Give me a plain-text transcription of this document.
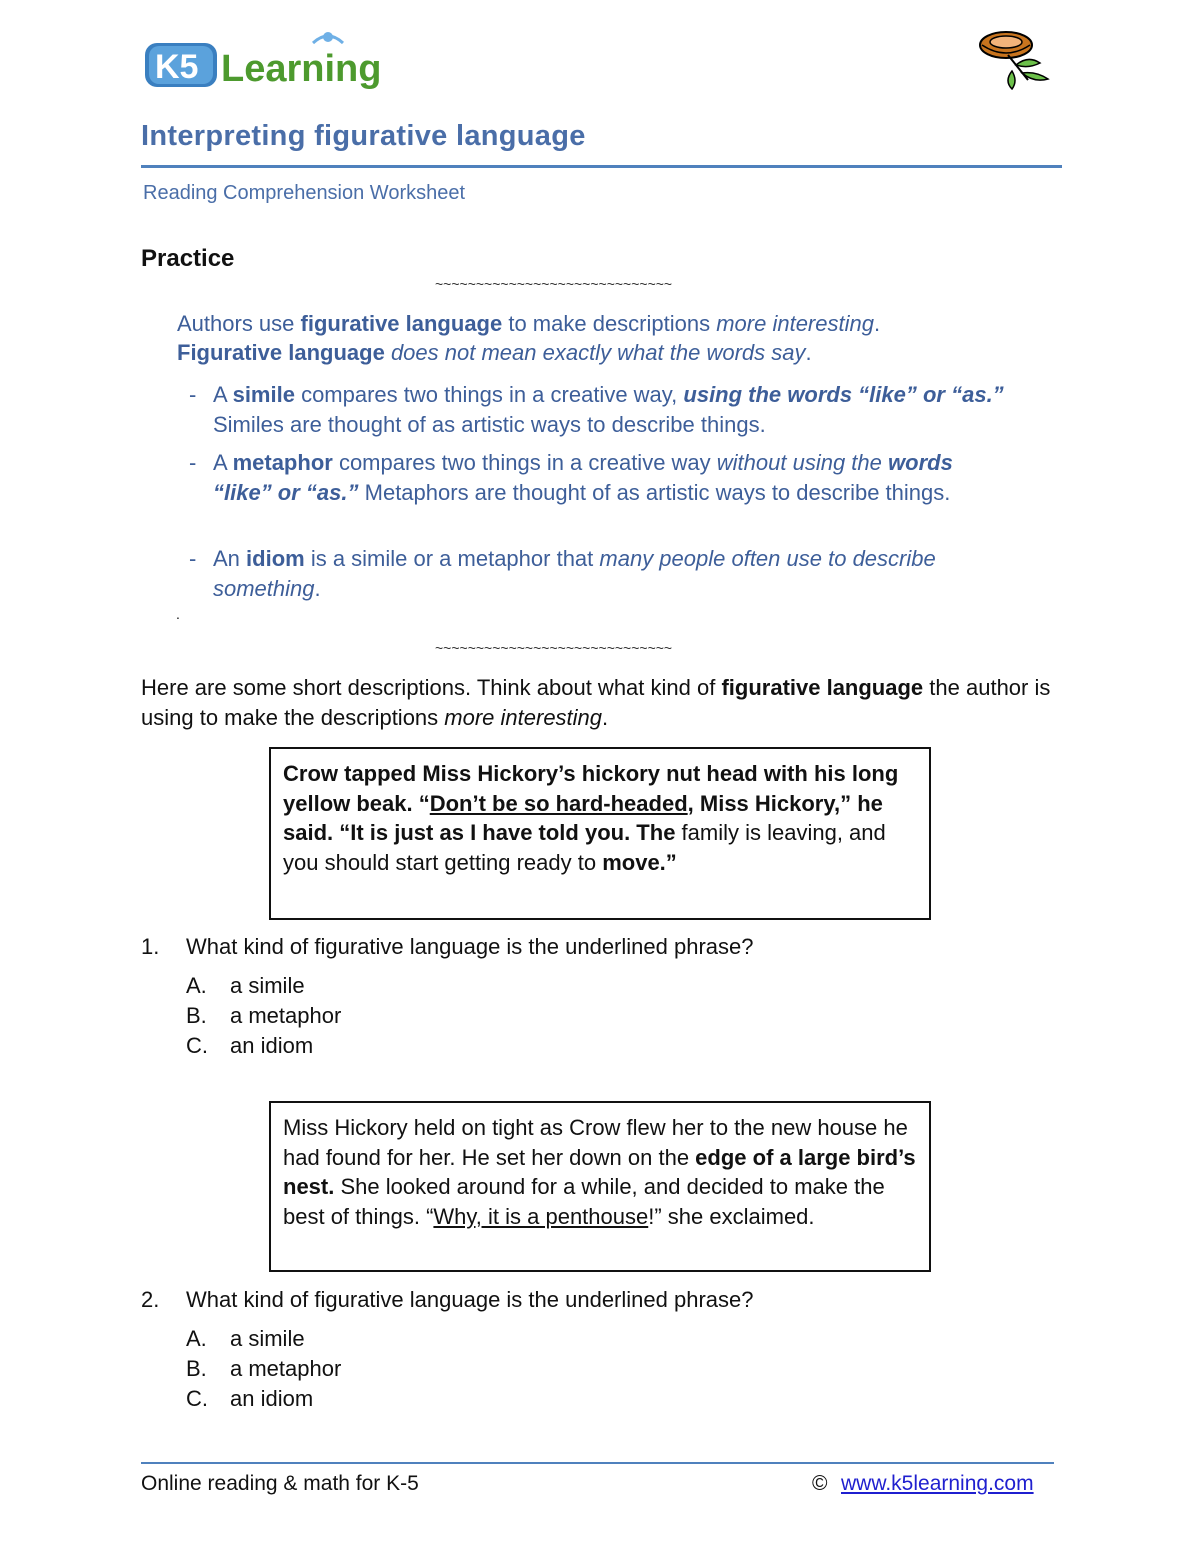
K5 Learning
Interpreting figurative language
Reading Comprehension Worksheet
Practice
~~~~~~~~~~~~~~~~~~~~~~~~~~~~~
Authors use figurative language to make descriptions more interesting.
Figurative language does not mean exactly what the words say.
- A simile compares two things in a creative way, using the words “like” or “as.” Similes are thought of as artistic ways to describe things.
- A metaphor compares two things in a creative way without using the words “like” or “as.” Metaphors are thought of as artistic ways to describe things.
- An idiom is a simile or a metaphor that many people often use to describe something.
.
~~~~~~~~~~~~~~~~~~~~~~~~~~~~~
Here are some short descriptions. Think about what kind of figurative language the author is using to make the descriptions more interesting.
Crow tapped Miss Hickory’s hickory nut head with his long yellow beak. “Don’t be so hard-headed, Miss Hickory,” he said. “It is just as I have told you. The family is leaving, and you should start getting ready to move.”
1. What kind of figurative language is the underlined phrase?
A. a simile
B. a metaphor
C. an idiom
Miss Hickory held on tight as Crow flew her to the new house he had found for her. He set her down on the edge of a large bird’s nest. She looked around for a while, and decided to make the best of things. “Why, it is a penthouse!” she exclaimed.
2. What kind of figurative language is the underlined phrase?
A. a simile
B. a metaphor
C. an idiom
Online reading & math for K-5	© www.k5learning.com
